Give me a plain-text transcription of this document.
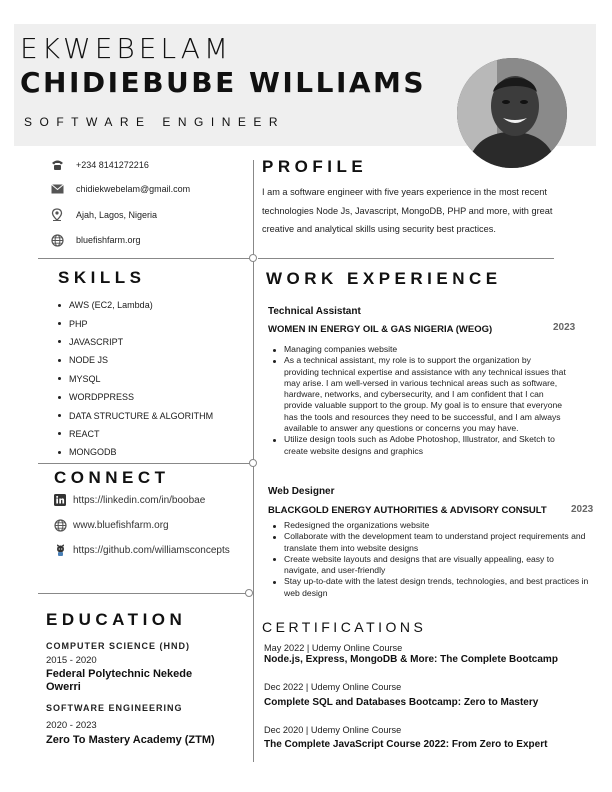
EKWEBELAM
CHIDIEBUBE WILLIAMS
SOFTWARE ENGINEER
+234 8141272216
chidiekwebelam@gmail.com
Ajah, Lagos, Nigeria
bluefishfarm.org
SKILLS
AWS (EC2, Lambda)
PHP
JAVASCRIPT
NODE JS
MYSQL
WORDPPRESS
DATA STRUCTURE & ALGORITHM
REACT
MONGODB
CONNECT
https://linkedin.com/in/boobae
www.bluefishfarm.org
https://github.com/williamsconcepts
EDUCATION
COMPUTER SCIENCE (HND)
2015 - 2020
Federal Polytechnic Nekede Owerri
SOFTWARE ENGINEERING
2020 - 2023
Zero To Mastery Academy (ZTM)
PROFILE
I am a software engineer with five years experience in the most recent technologies Node Js, Javascript, MongoDB, PHP and more, with great creative and analytical skills using security best practices.
WORK EXPERIENCE
Technical Assistant
WOMEN IN ENERGY OIL & GAS NIGERIA (WEOG)	2023
Managing companies website
As a technical assistant, my role is to support the organization by providing technical expertise and assistance with any technical issues that may arise. I am well-versed in various technical areas such as software, hardware, networks, and cybersecurity, and I am confident that I can provide valuable support to the group. My goal is to ensure that everyone has the tools and resources they need to be successful, and I am always available to answer any questions or concerns you may have.
Utilize design tools such as Adobe Photoshop, Illustrator, and Sketch to create website designs and graphics
Web Designer
BLACKGOLD ENERGY AUTHORITIES & ADVISORY CONSULT 2023
Redesigned the organizations website
Collaborate with the development team to understand project requirements and translate them into website designs
Create website layouts and designs that are visually appealing, easy to navigate, and user-friendly
Stay up-to-date with the latest design trends, technologies, and best practices in web design
CERTIFICATIONS
May 2022 | Udemy Online Course
Node.js, Express, MongoDB & More: The Complete Bootcamp
Dec 2022 | Udemy Online Course
Complete SQL and Databases Bootcamp: Zero to Mastery
Dec 2020 | Udemy Online Course
The Complete JavaScript Course 2022: From Zero to Expert
